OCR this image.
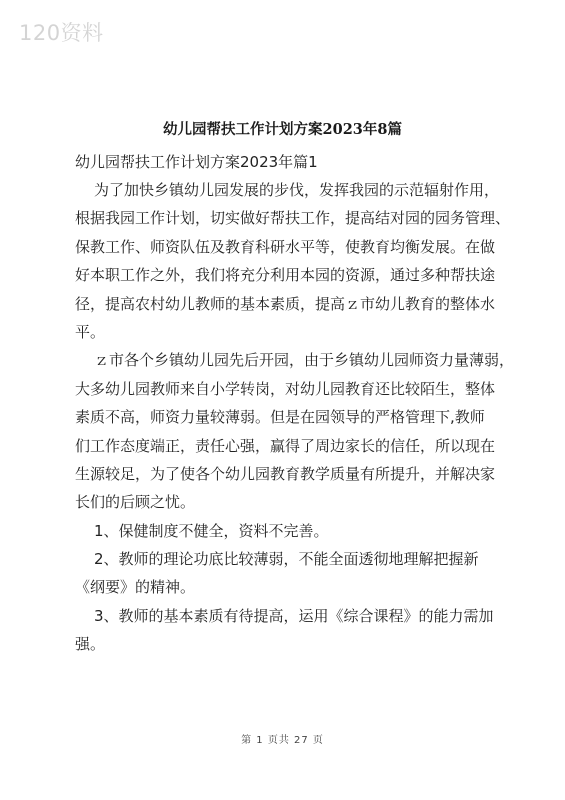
120资料
幼儿园帮扶工作计划方案2023年8篇
幼儿园帮扶工作计划方案2023年篇1
为了加快乡镇幼儿园发展的步伐，发挥我园的示范辐射作用，
根据我园工作计划，切实做好帮扶工作，提高结对园的园务管理、
保教工作、师资队伍及教育科研水平等，使教育均衡发展。在做
好本职工作之外，我们将充分利用本园的资源，通过多种帮扶途
径，提高农村幼儿教师的基本素质，提高ｚ市幼儿教育的整体水
平。
ｚ市各个乡镇幼儿园先后开园，由于乡镇幼儿园师资力量薄弱，
大多幼儿园教师来自小学转岗，对幼儿园教育还比较陌生，整体
素质不高，师资力量较薄弱。但是在园领导的严格管理下,教师
们工作态度端正，责任心强，赢得了周边家长的信任，所以现在
生源较足，为了使各个幼儿园教育教学质量有所提升，并解决家
长们的后顾之忧。
1、保健制度不健全，资料不完善。
2、教师的理论功底比较薄弱，不能全面透彻地理解把握新
《纲要》的精神。
3、教师的基本素质有待提高，运用《综合课程》的能力需加
强。
第 1 页共 27 页
